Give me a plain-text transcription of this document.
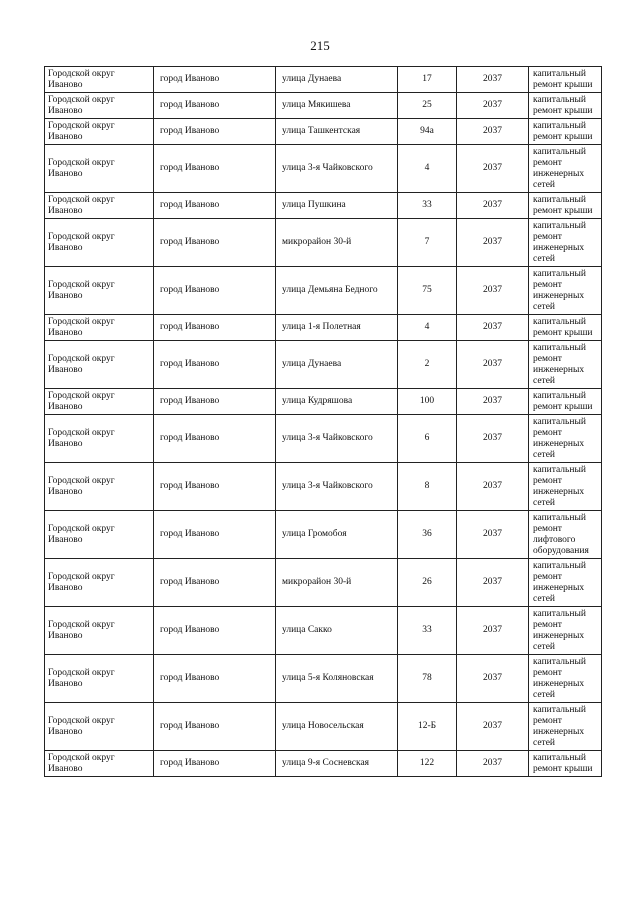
215
Городской округ Иваново	город Иваново	улица Дунаева	17	2037	капитальный ремонт крыши
Городской округ Иваново	город Иваново	улица Мякишева	25	2037	капитальный ремонт крыши
Городской округ Иваново	город Иваново	улица Ташкентская	94а	2037	капитальный ремонт крыши
Городской округ Иваново	город Иваново	улица 3-я Чайковского	4	2037	капитальный ремонт инженерных сетей
Городской округ Иваново	город Иваново	улица Пушкина	33	2037	капитальный ремонт крыши
Городской округ Иваново	город Иваново	микрорайон 30-й	7	2037	капитальный ремонт инженерных сетей
Городской округ Иваново	город Иваново	улица Демьяна Бедного	75	2037	капитальный ремонт инженерных сетей
Городской округ Иваново	город Иваново	улица 1-я Полетная	4	2037	капитальный ремонт крыши
Городской округ Иваново	город Иваново	улица Дунаева	2	2037	капитальный ремонт инженерных сетей
Городской округ Иваново	город Иваново	улица Кудряшова	100	2037	капитальный ремонт крыши
Городской округ Иваново	город Иваново	улица 3-я Чайковского	6	2037	капитальный ремонт инженерных сетей
Городской округ Иваново	город Иваново	улица 3-я Чайковского	8	2037	капитальный ремонт инженерных сетей
Городской округ Иваново	город Иваново	улица Громобоя	36	2037	капитальный ремонт лифтового оборудования
Городской округ Иваново	город Иваново	микрорайон 30-й	26	2037	капитальный ремонт инженерных сетей
Городской округ Иваново	город Иваново	улица Сакко	33	2037	капитальный ремонт инженерных сетей
Городской округ Иваново	город Иваново	улица 5-я Коляновская	78	2037	капитальный ремонт инженерных сетей
Городской округ Иваново	город Иваново	улица Новосельская	12-Б	2037	капитальный ремонт инженерных сетей
Городской округ Иваново	город Иваново	улица 9-я Сосневская	122	2037	капитальный ремонт крыши
